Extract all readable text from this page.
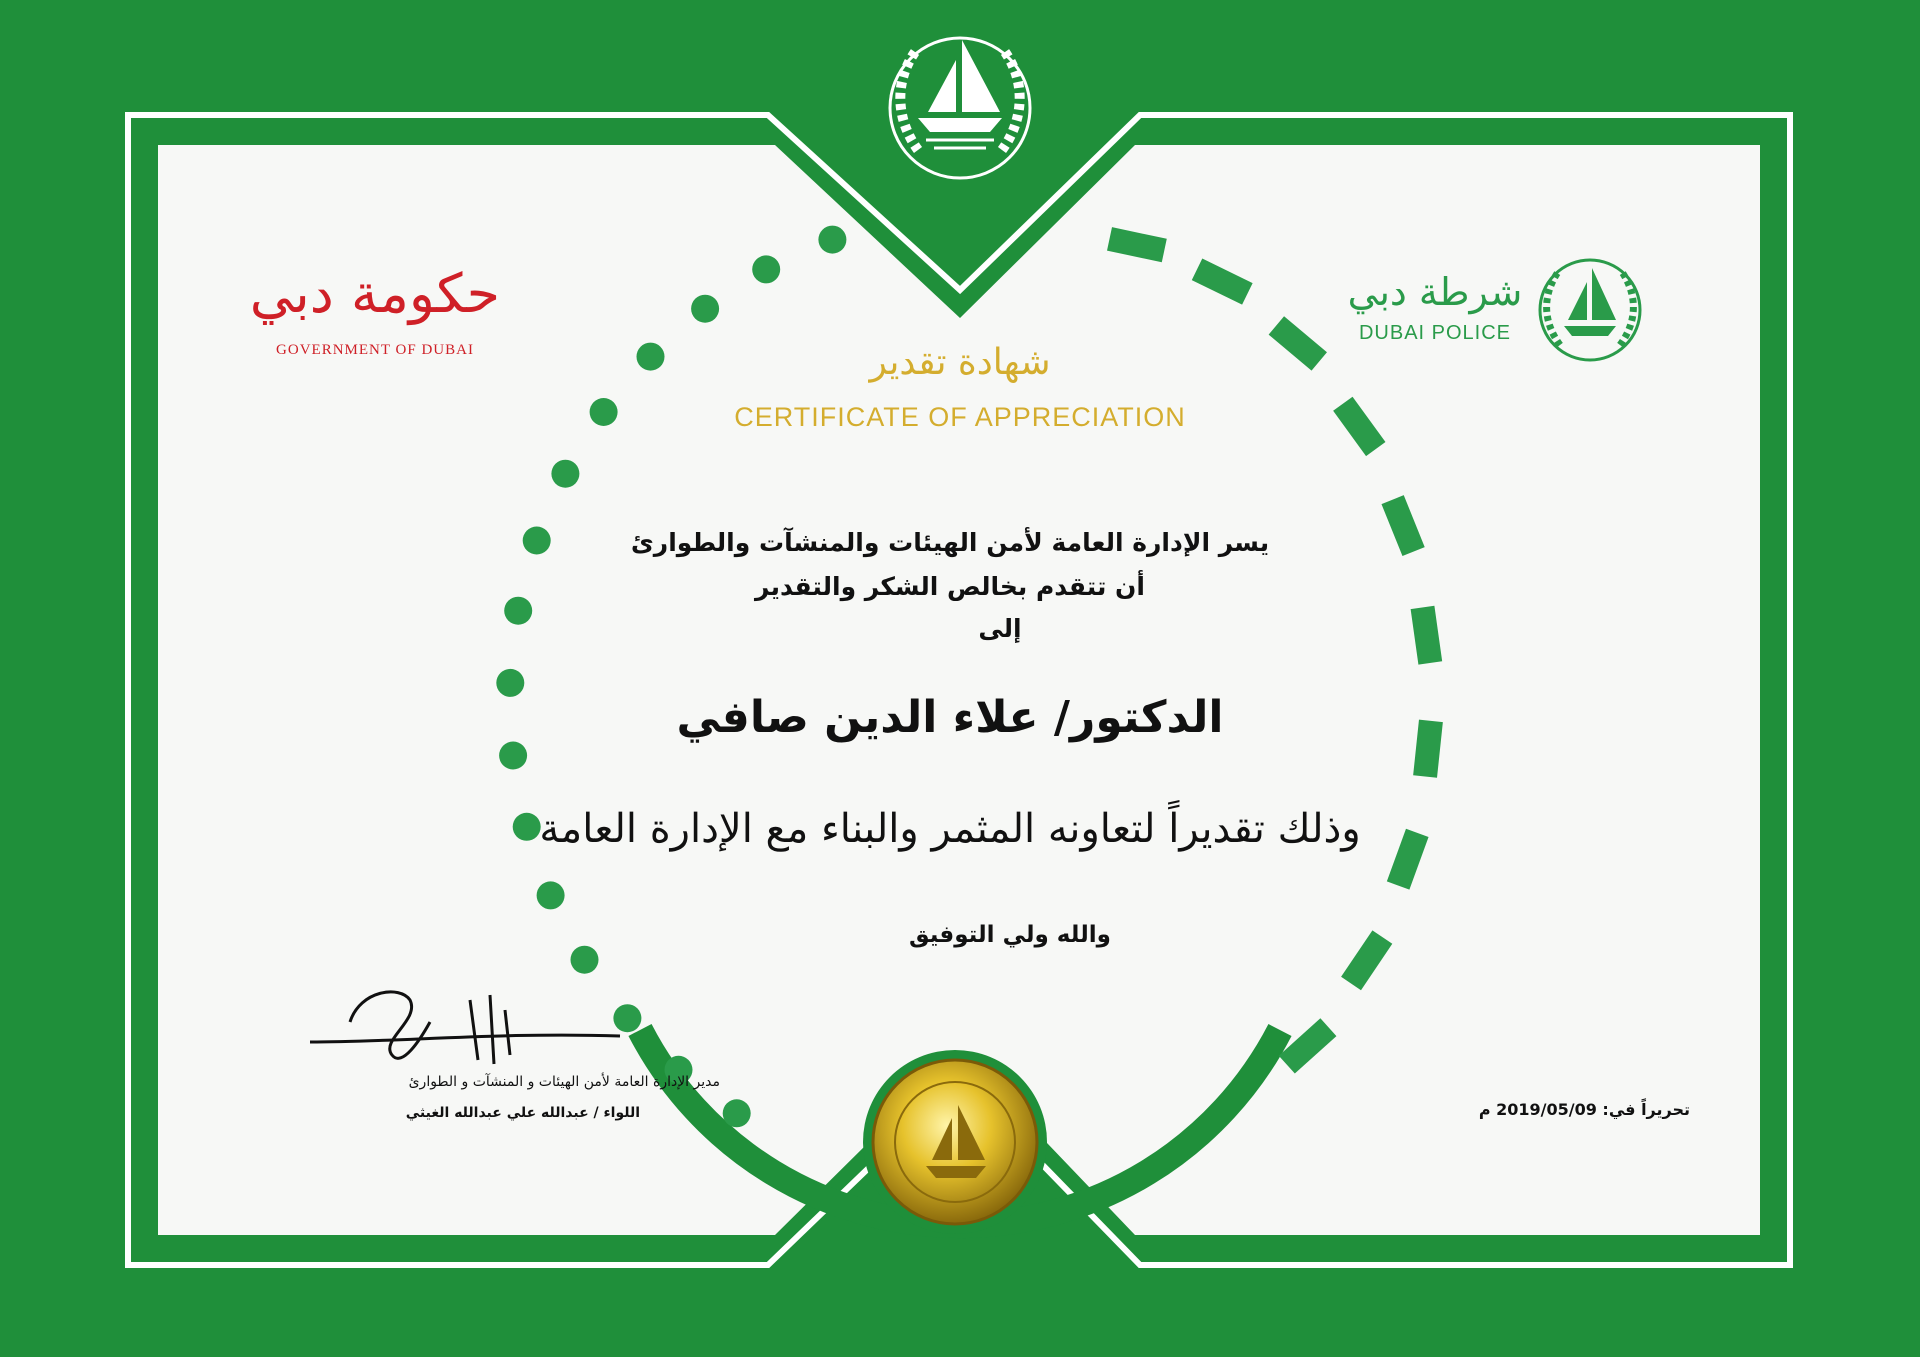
حكومة دبي
GOVERNMENT OF DUBAI
شرطة دبي
DUBAI POLICE
شهادة تقدير
CERTIFICATE OF APPRECIATION
يسر الإدارة العامة لأمن الهيئات والمنشآت والطوارئ
أن تتقدم بخالص الشكر والتقدير
إلى
الدكتور/ علاء الدين صافي
وذلك تقديراً لتعاونه المثمر والبناء مع الإدارة العامة
والله ولي التوفيق
مدير الإدارة العامة لأمن الهيئات و المنشآت و الطوارئ
اللواء / عبدالله علي عبدالله الغيثي	تحريراً في: 2019/05/09 م
